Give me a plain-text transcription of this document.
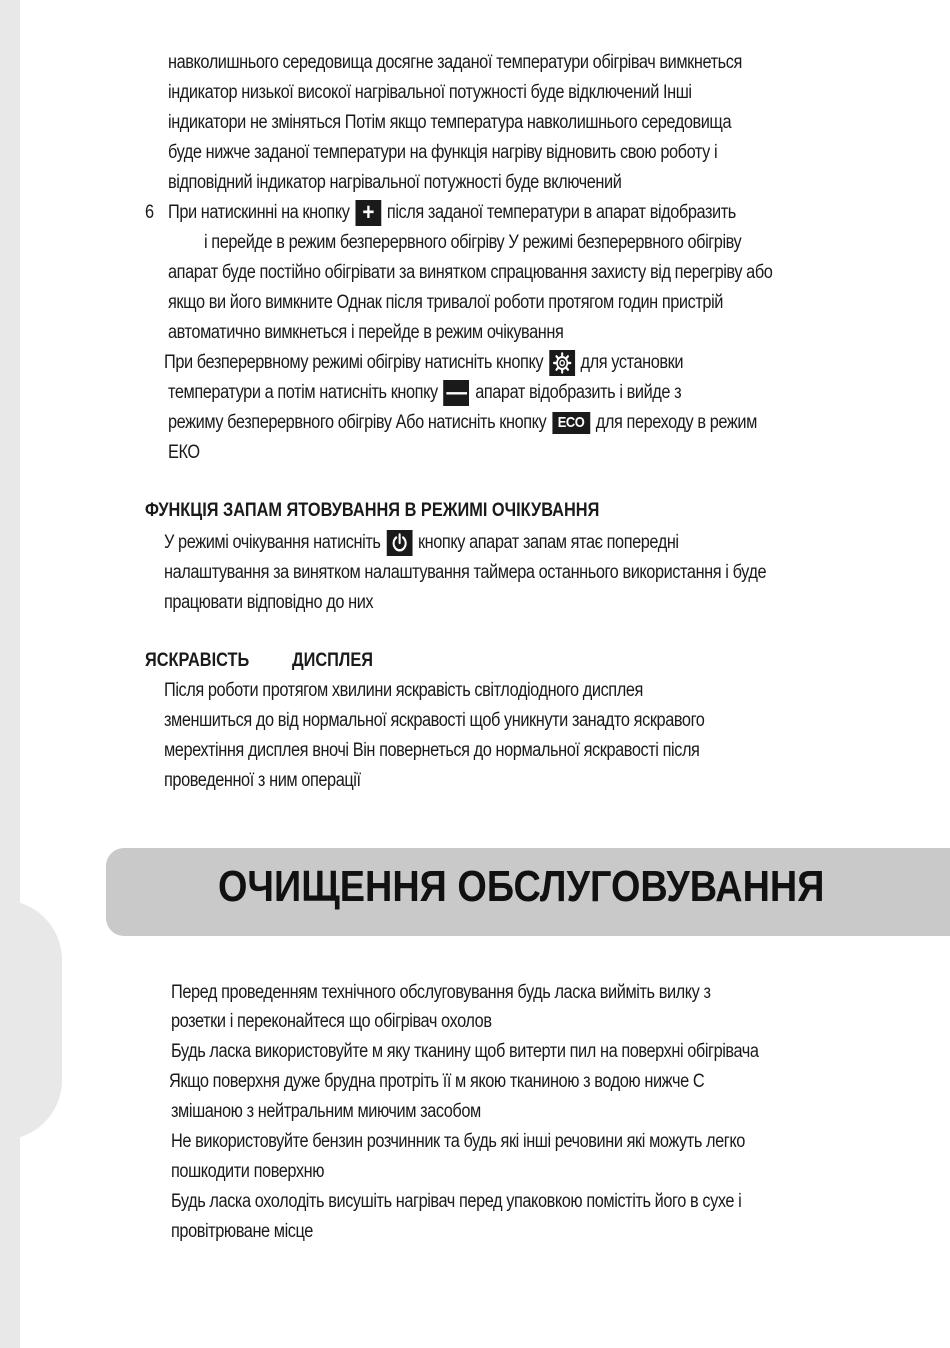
навколишнього середовища досягне заданої температури обігрівач вимкнеться
індикатор низької високої нагрівальної потужності буде відключений Інші
індикатори не зміняться Потім якщо температура навколишнього середовища
буде нижче заданої температури на функція нагріву відновить свою роботу і
відповідний індикатор нагрівальної потужності буде включений
6 При натискинні на кнопку + після заданої температури в апарат відобразить
і перейде в режим безперервного обігріву У режимі безперервного обігріву
апарат буде постійно обігрівати за винятком спрацювання захисту від перегріву або
якщо ви його вимкните Однак після тривалої роботи протягом годин пристрій
автоматично вимкнеться і перейде в режим очікування
При безперервному режимі обігріву натисніть кнопку для установки
температури а потім натисніть кнопку — апарат відобразить і вийде з
режиму безперервного обігріву Або натисніть кнопку ECO для переходу в режим
ЕКО
ФУНКЦІЯ ЗАПАМ ЯТОВУВАННЯ В РЕЖИМІ ОЧІКУВАННЯ
У режимі очікування натисніть кнопку апарат запам ятає попередні
налаштування за винятком налаштування таймера останнього використання і буде
працювати відповідно до них
ЯСКРАВІСТЬ ДИСПЛЕЯ
Після роботи протягом хвилини яскравість світлодіодного дисплея
зменшиться до від нормальної яскравості щоб уникнути занадто яскравого
мерехтіння дисплея вночі Він повернеться до нормальної яскравості після
проведенної з ним операції
ОЧИЩЕННЯ ОБСЛУГОВУВАННЯ
Перед проведенням технічного обслуговування будь ласка вийміть вилку з
розетки і переконайтеся що обігрівач охолов
Будь ласка використовуйте м яку тканину щоб витерти пил на поверхні обігрівача
Якщо поверхня дуже брудна протріть її м якою тканиною з водою нижче С
змішаною з нейтральним миючим засобом
Не використовуйте бензин розчинник та будь які інші речовини які можуть легко
пошкодити поверхню
Будь ласка охолодіть висушіть нагрівач перед упаковкою помістіть його в сухе і
провітрюване місце
